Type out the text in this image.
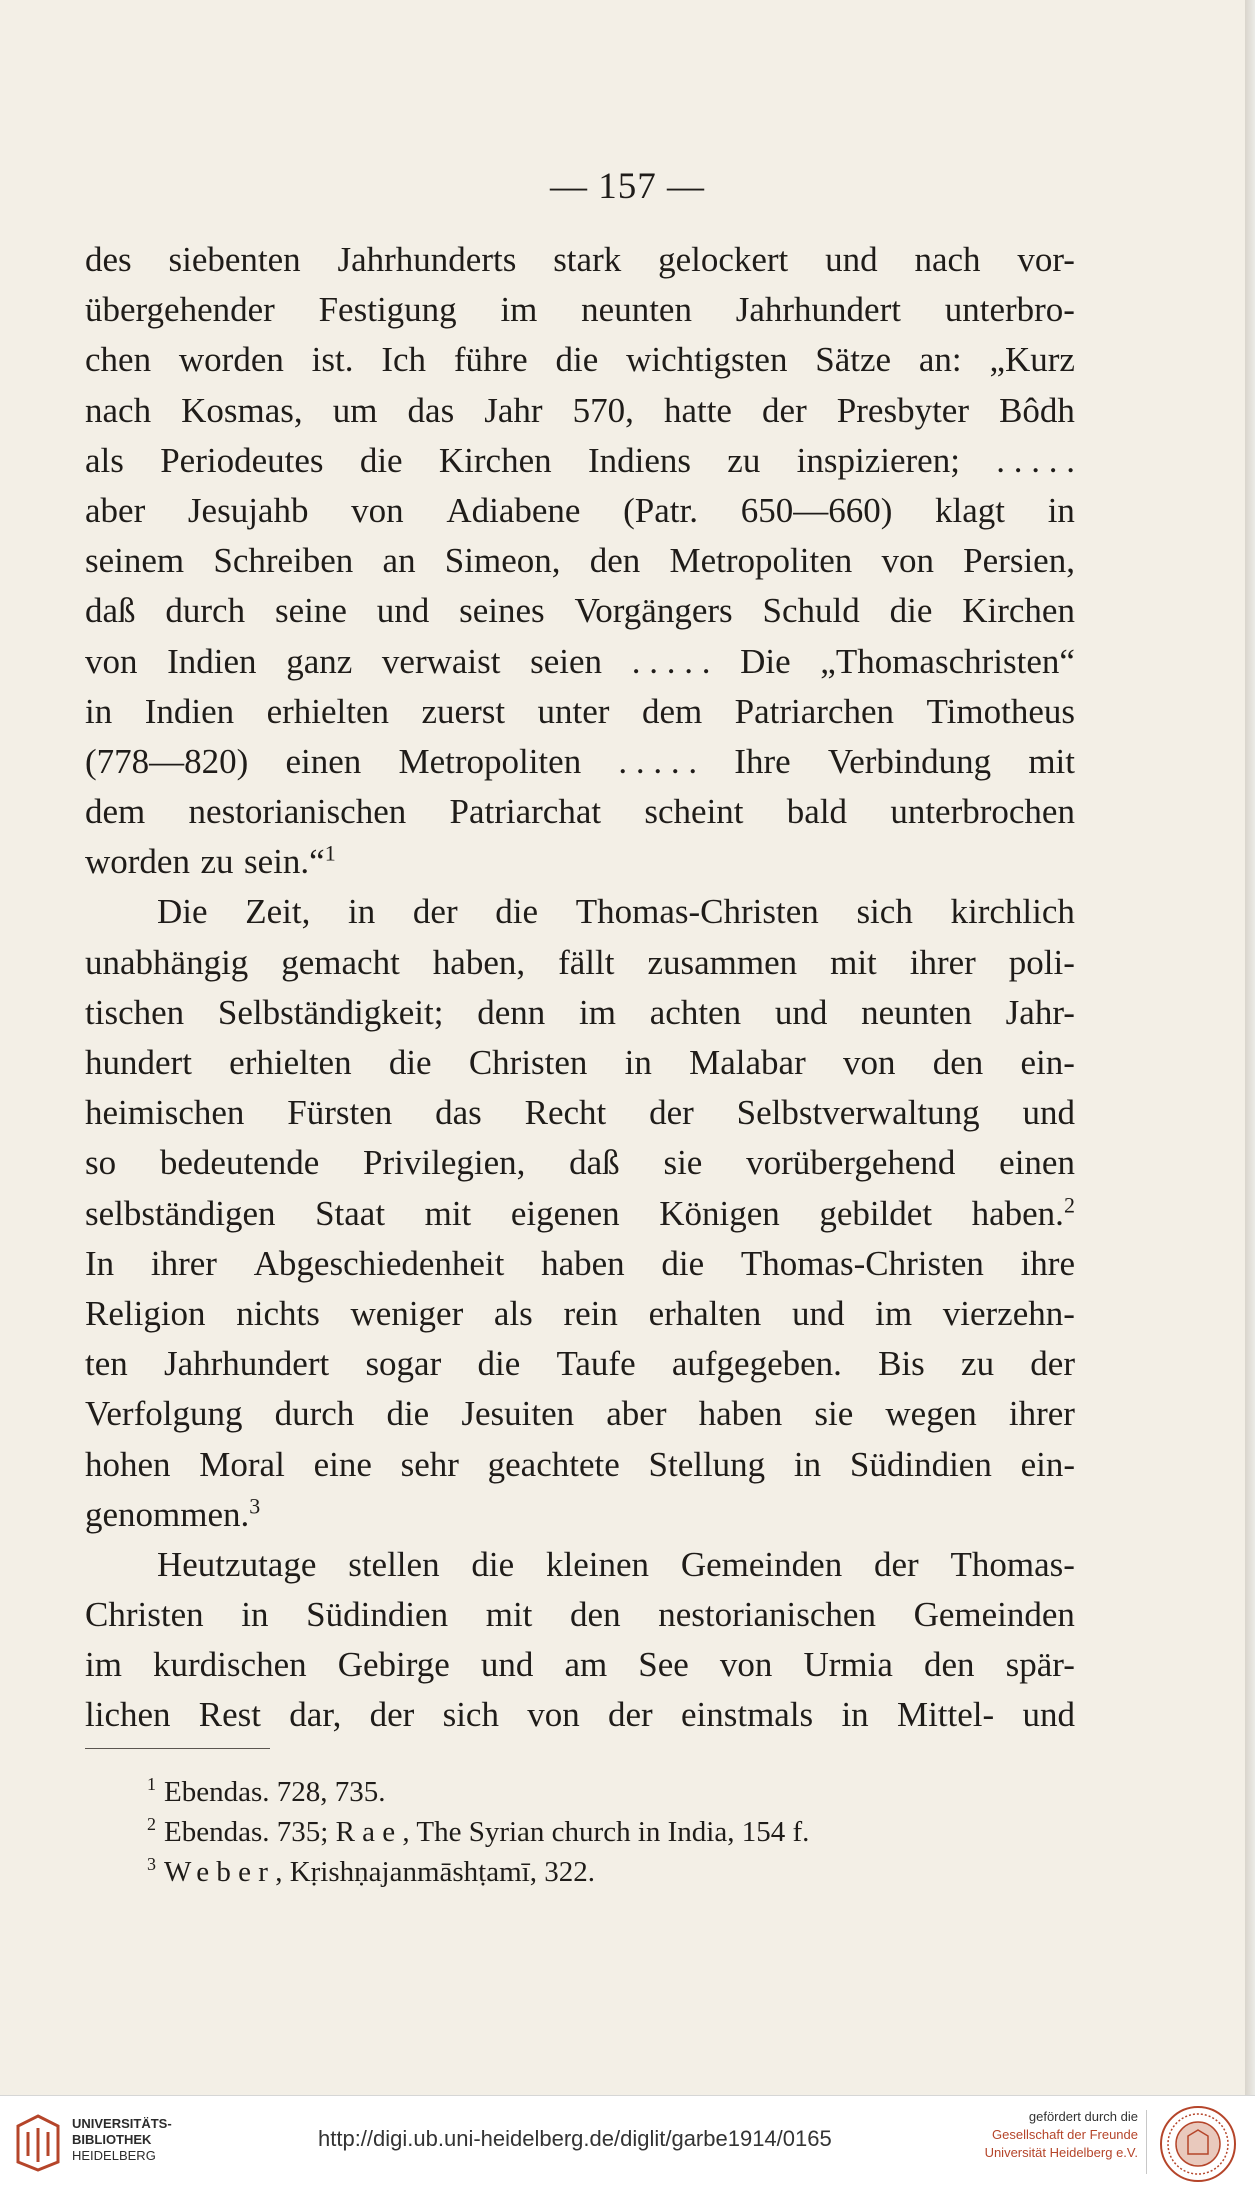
— 157 —
des siebenten Jahrhunderts stark gelockert und nach vor-
übergehender Festigung im neunten Jahrhundert unterbro-
chen worden ist. Ich führe die wichtigsten Sätze an: „Kurz
nach Kosmas, um das Jahr 570, hatte der Presbyter Bôdh
als Periodeutes die Kirchen Indiens zu inspizieren; . . . . .
aber Jesujahb von Adiabene (Patr. 650—660) klagt in
seinem Schreiben an Simeon, den Metropoliten von Persien,
daß durch seine und seines Vorgängers Schuld die Kirchen
von Indien ganz verwaist seien . . . . . Die „Thomaschristen“
in Indien erhielten zuerst unter dem Patriarchen Timotheus
(778—820) einen Metropoliten . . . . . Ihre Verbindung mit
dem nestorianischen Patriarchat scheint bald unterbrochen
worden zu sein.“$^1$
Die Zeit, in der die Thomas-Christen sich kirchlich
unabhängig gemacht haben, fällt zusammen mit ihrer poli-
tischen Selbständigkeit; denn im achten und neunten Jahr-
hundert erhielten die Christen in Malabar von den ein-
heimischen Fürsten das Recht der Selbstverwaltung und
so bedeutende Privilegien, daß sie vorübergehend einen
selbständigen Staat mit eigenen Königen gebildet haben.$^2$
In ihrer Abgeschiedenheit haben die Thomas-Christen ihre
Religion nichts weniger als rein erhalten und im vierzehn-
ten Jahrhundert sogar die Taufe aufgegeben. Bis zu der
Verfolgung durch die Jesuiten aber haben sie wegen ihrer
hohen Moral eine sehr geachtete Stellung in Südindien ein-
genommen.$^3$
Heutzutage stellen die kleinen Gemeinden der Thomas-
Christen in Südindien mit den nestorianischen Gemeinden
im kurdischen Gebirge und am See von Urmia den spär-
lichen Rest dar, der sich von der einstmals in Mittel- und
$^1$ Ebendas. 728, 735.
$^2$ Ebendas. 735; Rae, The Syrian church in India, 154 f.
$^3$ Weber, Kṛishṇajanmāshṭamī, 322.
UNIVERSITÄTS-
BIBLIOTHEK
HEIDELBERG
http://digi.ub.uni-heidelberg.de/diglit/garbe1914/0165
gefördert durch die
Gesellschaft der Freunde
Universität Heidelberg e.V.
